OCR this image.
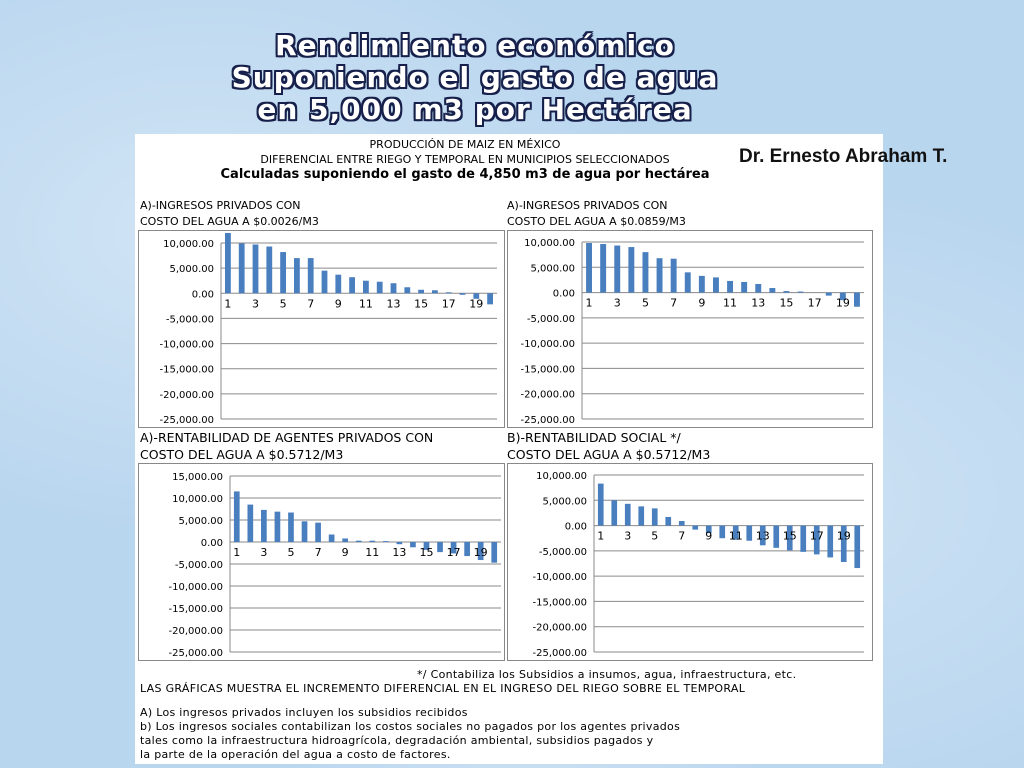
Rendimiento económico
Suponiendo el gasto de agua
en 5,000 m3 por Hectárea
PRODUCCIÓN DE MAIZ EN MÉXICO
DIFERENCIAL ENTRE RIEGO Y TEMPORAL EN MUNICIPIOS SELECCIONADOS
Calculadas suponiendo el gasto de 4,850 m3 de agua por hectárea
Dr. Ernesto Abraham T.
A)-INGRESOS PRIVADOS CON
COSTO DEL AGUA A $0.0026/M3
A)-INGRESOS PRIVADOS CON
COSTO DEL AGUA A $0.0859/M3
A)-RENTABILIDAD DE AGENTES PRIVADOS CON
COSTO DEL AGUA A $0.5712/M3
B)-RENTABILIDAD SOCIAL */
COSTO DEL AGUA A $0.5712/M3
10,000.00
5,000.00
0.00
-5,000.00
-10,000.00
-15,000.00
-20,000.00
-25,000.00
1 3 5 7 9 11 13 15 17 19
10,000.00
5,000.00
0.00
-5,000.00
-10,000.00
-15,000.00
-20,000.00
-25,000.00
1 3 5 7 9 11 13 15 17 19
15,000.00
10,000.00
5,000.00
0.00
-5,000.00
-10,000.00
-15,000.00
-20,000.00
-25,000.00
1 3 5 7 9 11 13 15 17 19
10,000.00
5,000.00
0.00
-5,000.00
-10,000.00
-15,000.00
-20,000.00
-25,000.00
1 3 5 7 9 11 13 15 17 19
*/ Contabiliza los Subsidios a insumos, agua, infraestructura, etc.
LAS GRÁFICAS MUESTRA EL INCREMENTO DIFERENCIAL EN EL INGRESO DEL RIEGO SOBRE EL TEMPORAL
A) Los ingresos privados incluyen los subsidios recibidos
b) Los ingresos sociales contabilizan los costos sociales no pagados por los agentes privados
tales como la infraestructura hidroagrícola, degradación ambiental, subsidios pagados y
la parte de la operación del agua a costo de factores.
